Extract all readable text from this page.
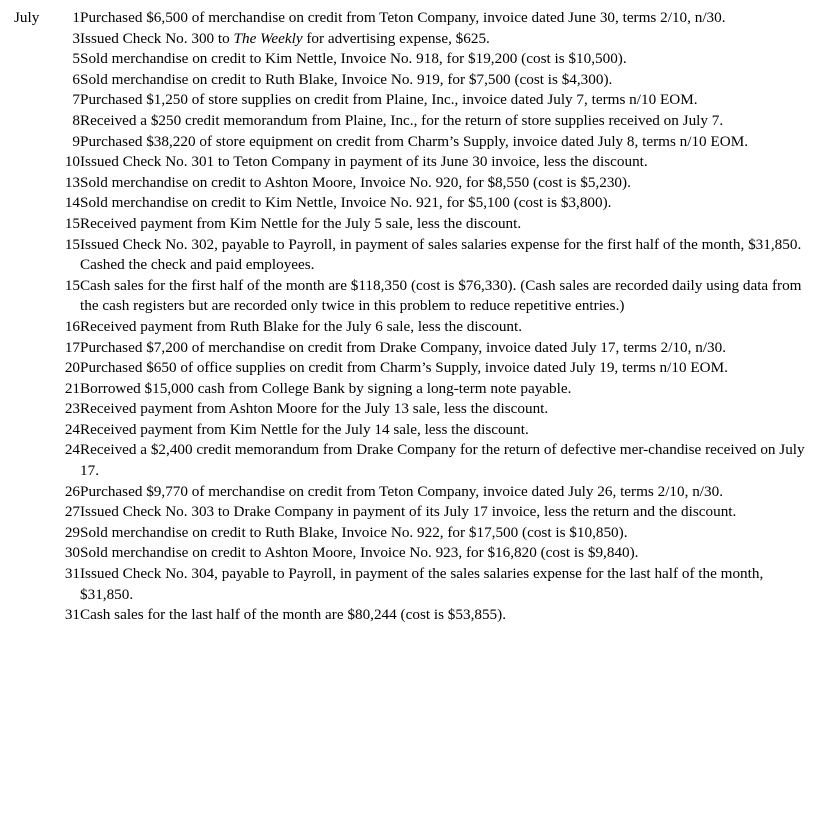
July	1	Purchased $6,500 of merchandise on credit from Teton Company, invoice dated June 30, terms 2/10, n/30.
	3	Issued Check No. 300 to The Weekly for advertising expense, $625.
	5	Sold merchandise on credit to Kim Nettle, Invoice No. 918, for $19,200 (cost is $10,500).
	6	Sold merchandise on credit to Ruth Blake, Invoice No. 919, for $7,500 (cost is $4,300).
	7	Purchased $1,250 of store supplies on credit from Plaine, Inc., invoice dated July 7, terms n/10 EOM.
	8	Received a $250 credit memorandum from Plaine, Inc., for the return of store supplies received on July 7.
	9	Purchased $38,220 of store equipment on credit from Charm’s Supply, invoice dated July 8, terms n/10 EOM.
	10	Issued Check No. 301 to Teton Company in payment of its June 30 invoice, less the discount.
	13	Sold merchandise on credit to Ashton Moore, Invoice No. 920, for $8,550 (cost is $5,230).
	14	Sold merchandise on credit to Kim Nettle, Invoice No. 921, for $5,100 (cost is $3,800).
	15	Received payment from Kim Nettle for the July 5 sale, less the discount.
	15	Issued Check No. 302, payable to Payroll, in payment of sales salaries expense for the first half of the month, $31,850. Cashed the check and paid employees.
	15	Cash sales for the first half of the month are $118,350 (cost is $76,330). (Cash sales are recorded daily using data from the cash registers but are recorded only twice in this problem to reduce repetitive entries.)
	16	Received payment from Ruth Blake for the July 6 sale, less the discount.
	17	Purchased $7,200 of merchandise on credit from Drake Company, invoice dated July 17, terms 2/10, n/30.
	20	Purchased $650 of office supplies on credit from Charm’s Supply, invoice dated July 19, terms n/10 EOM.
	21	Borrowed $15,000 cash from College Bank by signing a long-term note payable.
	23	Received payment from Ashton Moore for the July 13 sale, less the discount.
	24	Received payment from Kim Nettle for the July 14 sale, less the discount.
	24	Received a $2,400 credit memorandum from Drake Company for the return of defective mer-chandise received on July 17.
	26	Purchased $9,770 of merchandise on credit from Teton Company, invoice dated July 26, terms 2/10, n/30.
	27	Issued Check No. 303 to Drake Company in payment of its July 17 invoice, less the return and the discount.
	29	Sold merchandise on credit to Ruth Blake, Invoice No. 922, for $17,500 (cost is $10,850).
	30	Sold merchandise on credit to Ashton Moore, Invoice No. 923, for $16,820 (cost is $9,840).
	31	Issued Check No. 304, payable to Payroll, in payment of the sales salaries expense for the last half of the month, $31,850.
	31	Cash sales for the last half of the month are $80,244 (cost is $53,855).
